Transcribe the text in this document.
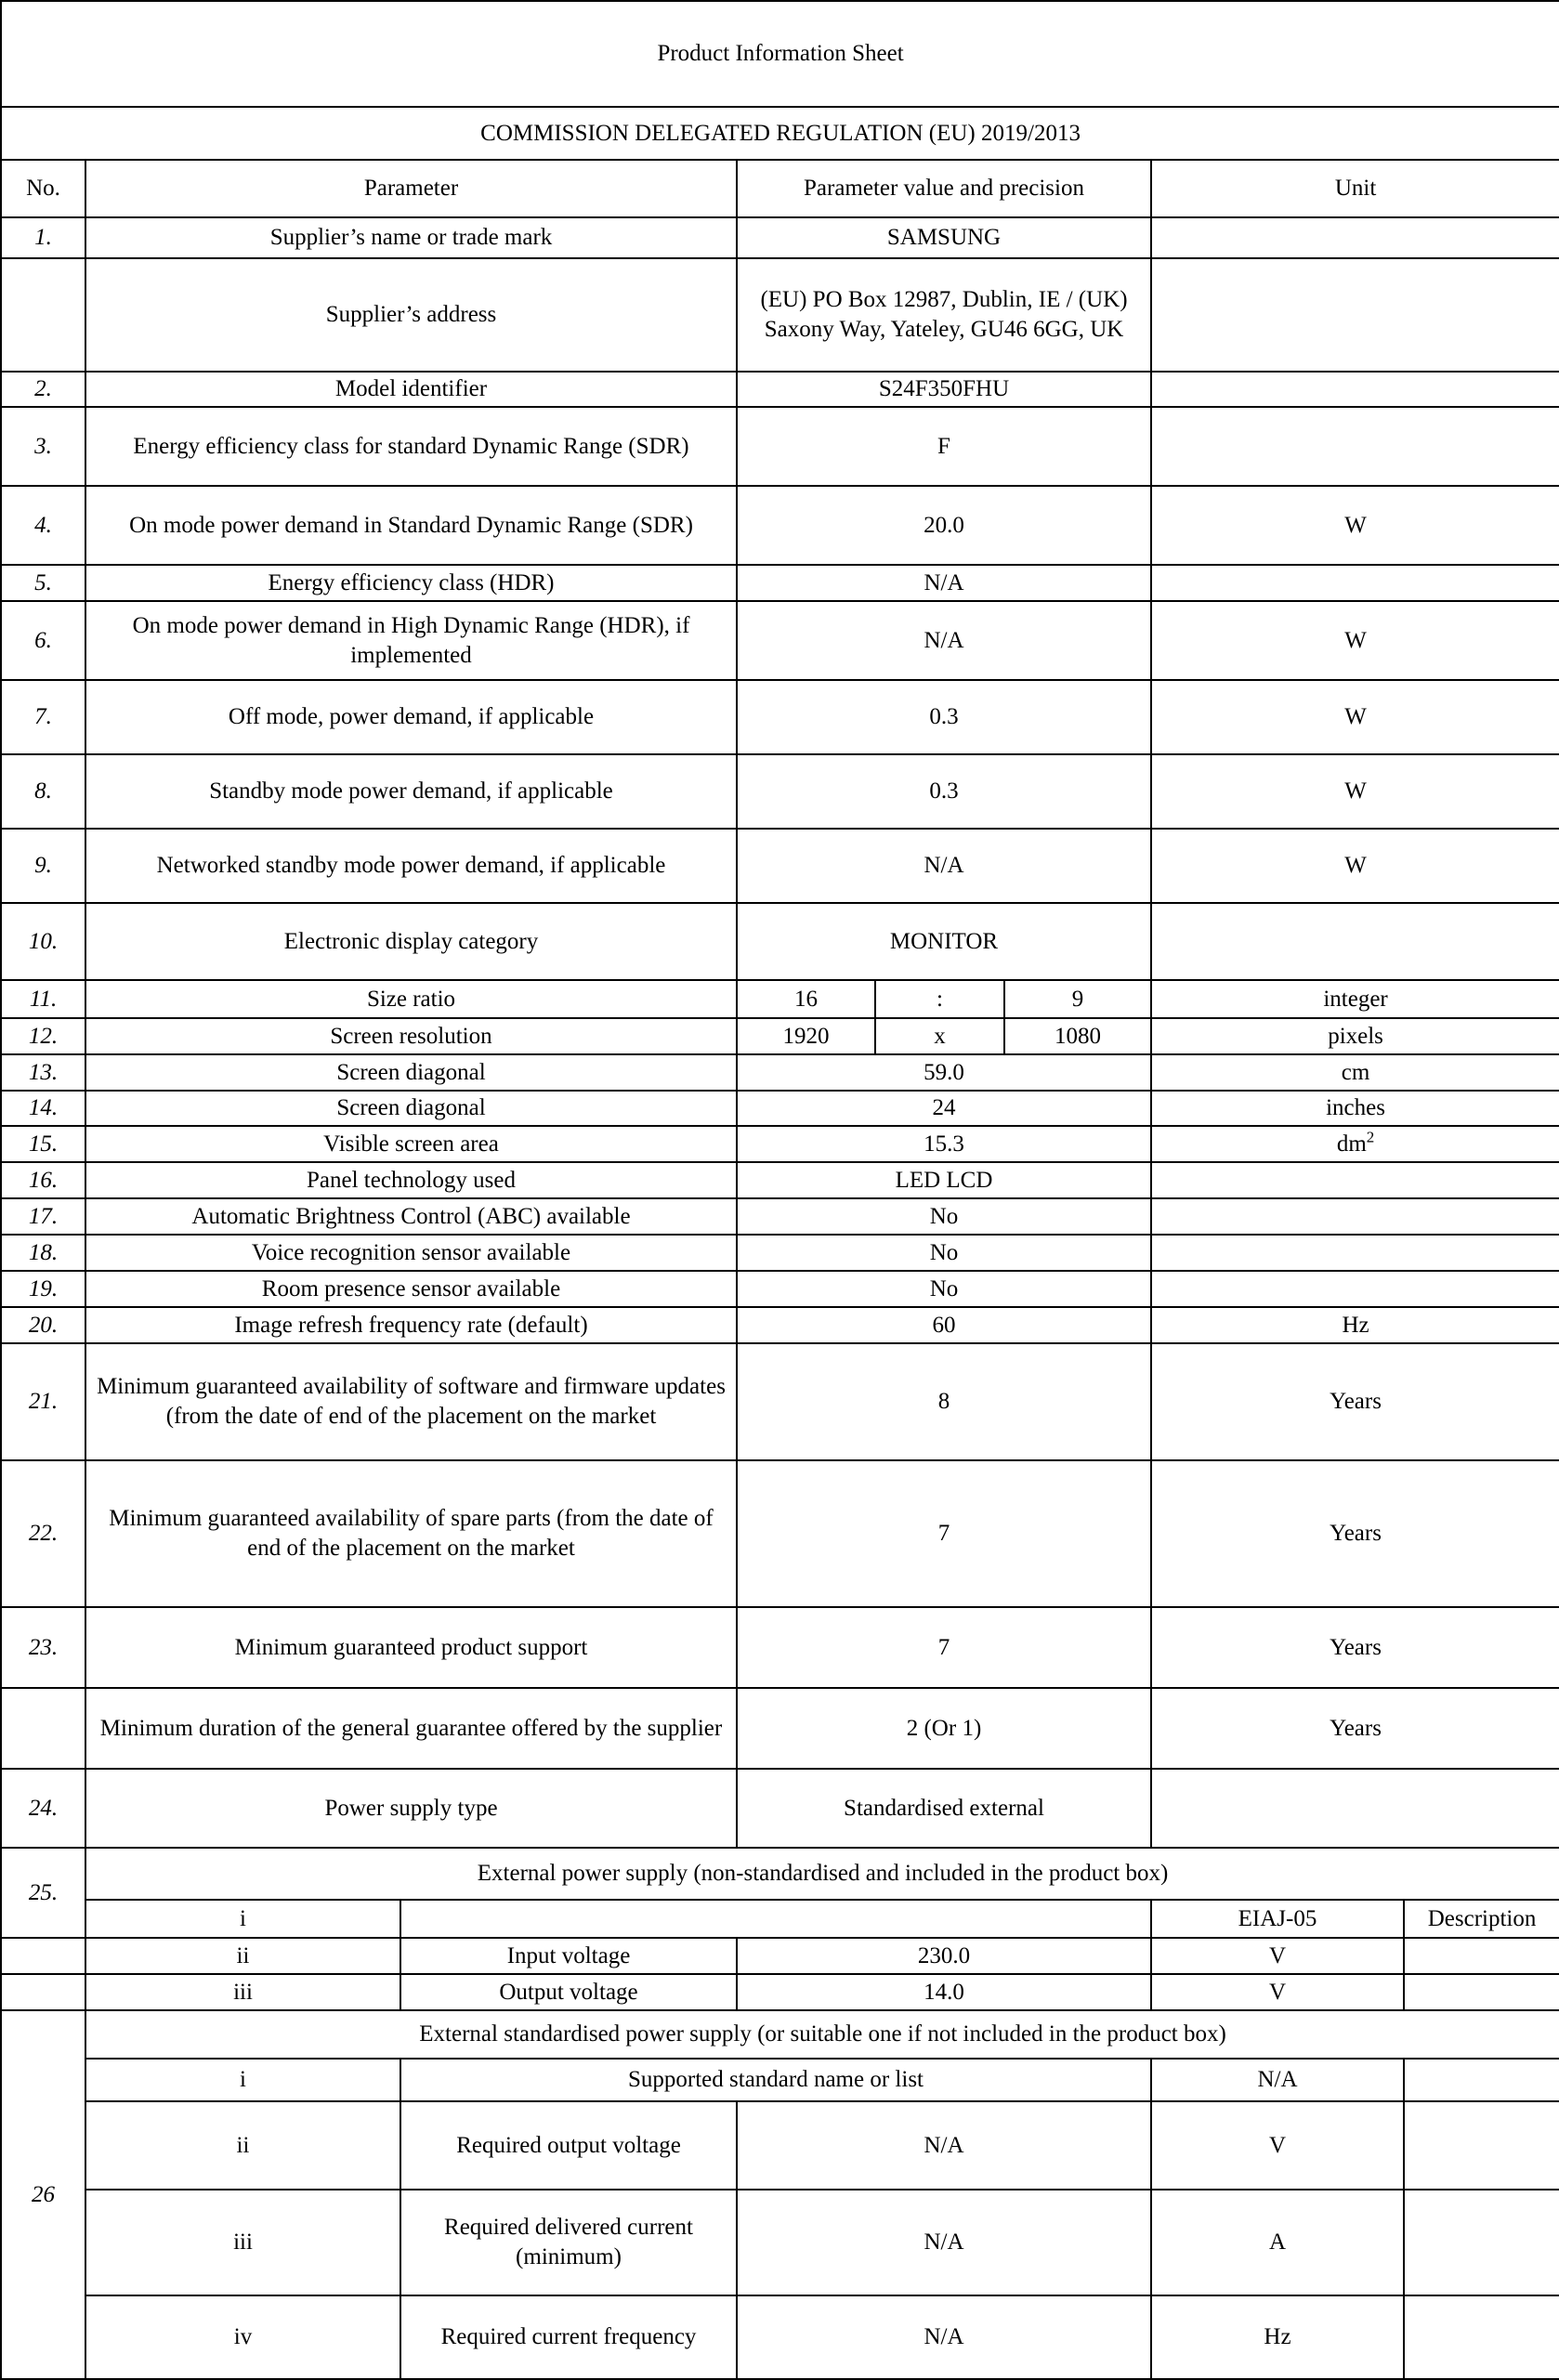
Product Information Sheet							
COMMISSION DELEGATED REGULATION (EU) 2019/2013							
No.	Parameter		Parameter value and precision			Unit	
1.	Supplier’s name or trade mark		SAMSUNG				
	Supplier’s address		(EU) PO Box 12987, Dublin, IE / (UK) Saxony Way, Yateley, GU46 6GG, UK				
2.	Model identifier		S24F350FHU				
3.	Energy efficiency class for standard Dynamic Range (SDR)		F				
4.	On mode power demand in Standard Dynamic Range (SDR)		20.0			W	
5.	Energy efficiency class (HDR)		N/A				
6.	On mode power demand in High Dynamic Range (HDR), if implemented		N/A			W	
7.	Off mode, power demand, if applicable		0.3			W	
8.	Standby mode power demand, if applicable		0.3			W	
9.	Networked standby mode power demand, if applicable		N/A			W	
10.	Electronic display category		MONITOR				
11.	Size ratio		16	:	9	integer	
12.	Screen resolution		1920	x	1080	pixels	
13.	Screen diagonal		59.0			cm	
14.	Screen diagonal		24			inches	
15.	Visible screen area		15.3			$dm^2$
16.	Panel technology used		LED LCD				
17.	Automatic Brightness Control (ABC) available		No				
18.	Voice recognition sensor available		No				
19.	Room presence sensor available		No				
20.	Image refresh frequency rate (default)		60			Hz	
21.	Minimum guaranteed availability of software and firmware updates (from the date of end of the placement on the market		8			Years	
22.	Minimum guaranteed availability of spare parts (from the date of end of the placement on the market		7			Years	
23.	Minimum guaranteed product support		7			Years	
	Minimum duration of the general guarantee offered by the supplier		2 (Or 1)			Years	
24.	Power supply type		Standardised external				
25.	External power supply (non-standardised and included in the product box)						
	i					EIAJ-05	Description
	ii	Input voltage	230.0			V	
	iii	Output voltage	14.0			V	
26	External standardised power supply (or suitable one if not included in the product box)						
	i	Supported standard name or list				N/A	
	ii	Required output voltage	N/A			V	
	iii	Required delivered current (minimum)	N/A			A	
	iv	Required current frequency	N/A			Hz	
